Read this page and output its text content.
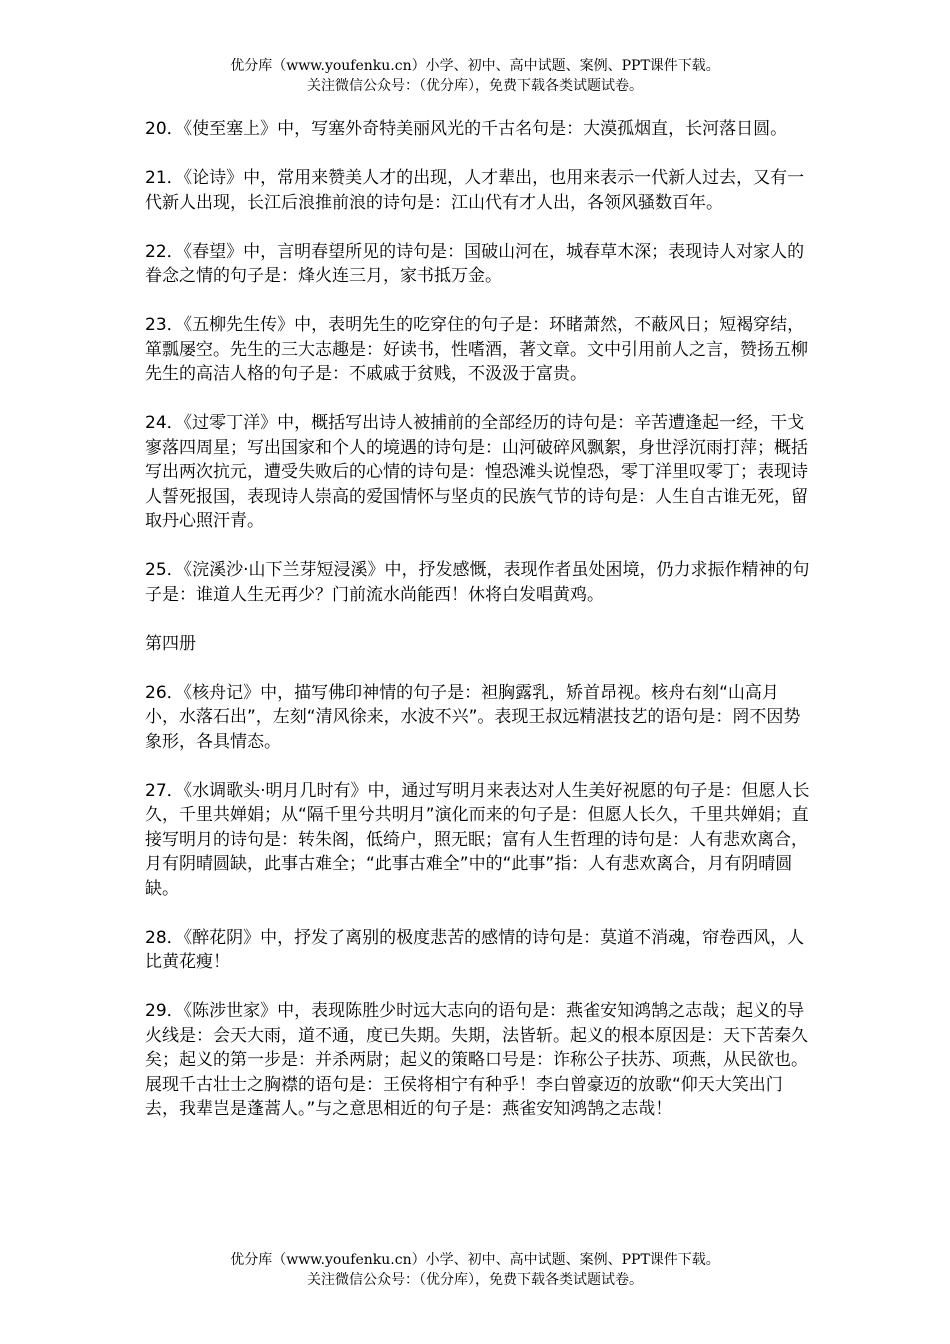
优分库（www.youfenku.cn）小学、初中、高中试题、案例、PPT课件下载。
关注微信公众号：（优分库），免费下载各类试题试卷。

20．《使至塞上》中，写塞外奇特美丽风光的千古名句是：大漠孤烟直，长河落日圆。

21．《论诗》中，常用来赞美人才的出现，人才辈出，也用来表示一代新人过去，又有一代新人出现，长江后浪推前浪的诗句是：江山代有才人出，各领风骚数百年。

22．《春望》中，言明春望所见的诗句是：国破山河在，城春草木深；表现诗人对家人的眷念之情的句子是：烽火连三月，家书抵万金。

23．《五柳先生传》中，表明先生的吃穿住的句子是：环睹萧然，不蔽风日；短褐穿结，箪瓢屡空。先生的三大志趣是：好读书，性嗜酒，著文章。文中引用前人之言，赞扬五柳先生的高洁人格的句子是：不戚戚于贫贱，不汲汲于富贵。

24．《过零丁洋》中，概括写出诗人被捕前的全部经历的诗句是：辛苦遭逢起一经，干戈寥落四周星；写出国家和个人的境遇的诗句是：山河破碎风飘絮，身世浮沉雨打萍；概括写出两次抗元，遭受失败后的心情的诗句是：惶恐滩头说惶恐，零丁洋里叹零丁；表现诗人誓死报国，表现诗人崇高的爱国情怀与坚贞的民族气节的诗句是：人生自古谁无死，留取丹心照汗青。

25．《浣溪沙·山下兰芽短浸溪》中，抒发感慨，表现作者虽处困境，仍力求振作精神的句子是：谁道人生无再少？门前流水尚能西！休将白发唱黄鸡。

第四册

26．《核舟记》中，描写佛印神情的句子是：袒胸露乳，矫首昂视。核舟右刻“山高月小，水落石出”，左刻“清风徐来，水波不兴”。表现王叔远精湛技艺的语句是：罔不因势象形，各具情态。

27．《水调歌头·明月几时有》中，通过写明月来表达对人生美好祝愿的句子是：但愿人长久，千里共婵娟；从“隔千里兮共明月”演化而来的句子是：但愿人长久，千里共婵娟；直接写明月的诗句是：转朱阁，低绮户，照无眠；富有人生哲理的诗句是：人有悲欢离合，月有阴晴圆缺，此事古难全；“此事古难全”中的“此事”指：人有悲欢离合，月有阴晴圆缺。

28．《醉花阴》中，抒发了离别的极度悲苦的感情的诗句是：莫道不消魂，帘卷西风，人比黄花瘦！

29．《陈涉世家》中，表现陈胜少时远大志向的语句是：燕雀安知鸿鹄之志哉；起义的导火线是：会天大雨，道不通，度已失期。失期，法皆斩。起义的根本原因是：天下苦秦久矣；起义的第一步是：并杀两尉；起义的策略口号是：诈称公子扶苏、项燕，从民欲也。展现千古壮士之胸襟的语句是：王侯将相宁有种乎！李白曾豪迈的放歌“仰天大笑出门去，我辈岂是蓬蒿人。”与之意思相近的句子是：燕雀安知鸿鹄之志哉！

优分库（www.youfenku.cn）小学、初中、高中试题、案例、PPT课件下载。
关注微信公众号：（优分库），免费下载各类试题试卷。
